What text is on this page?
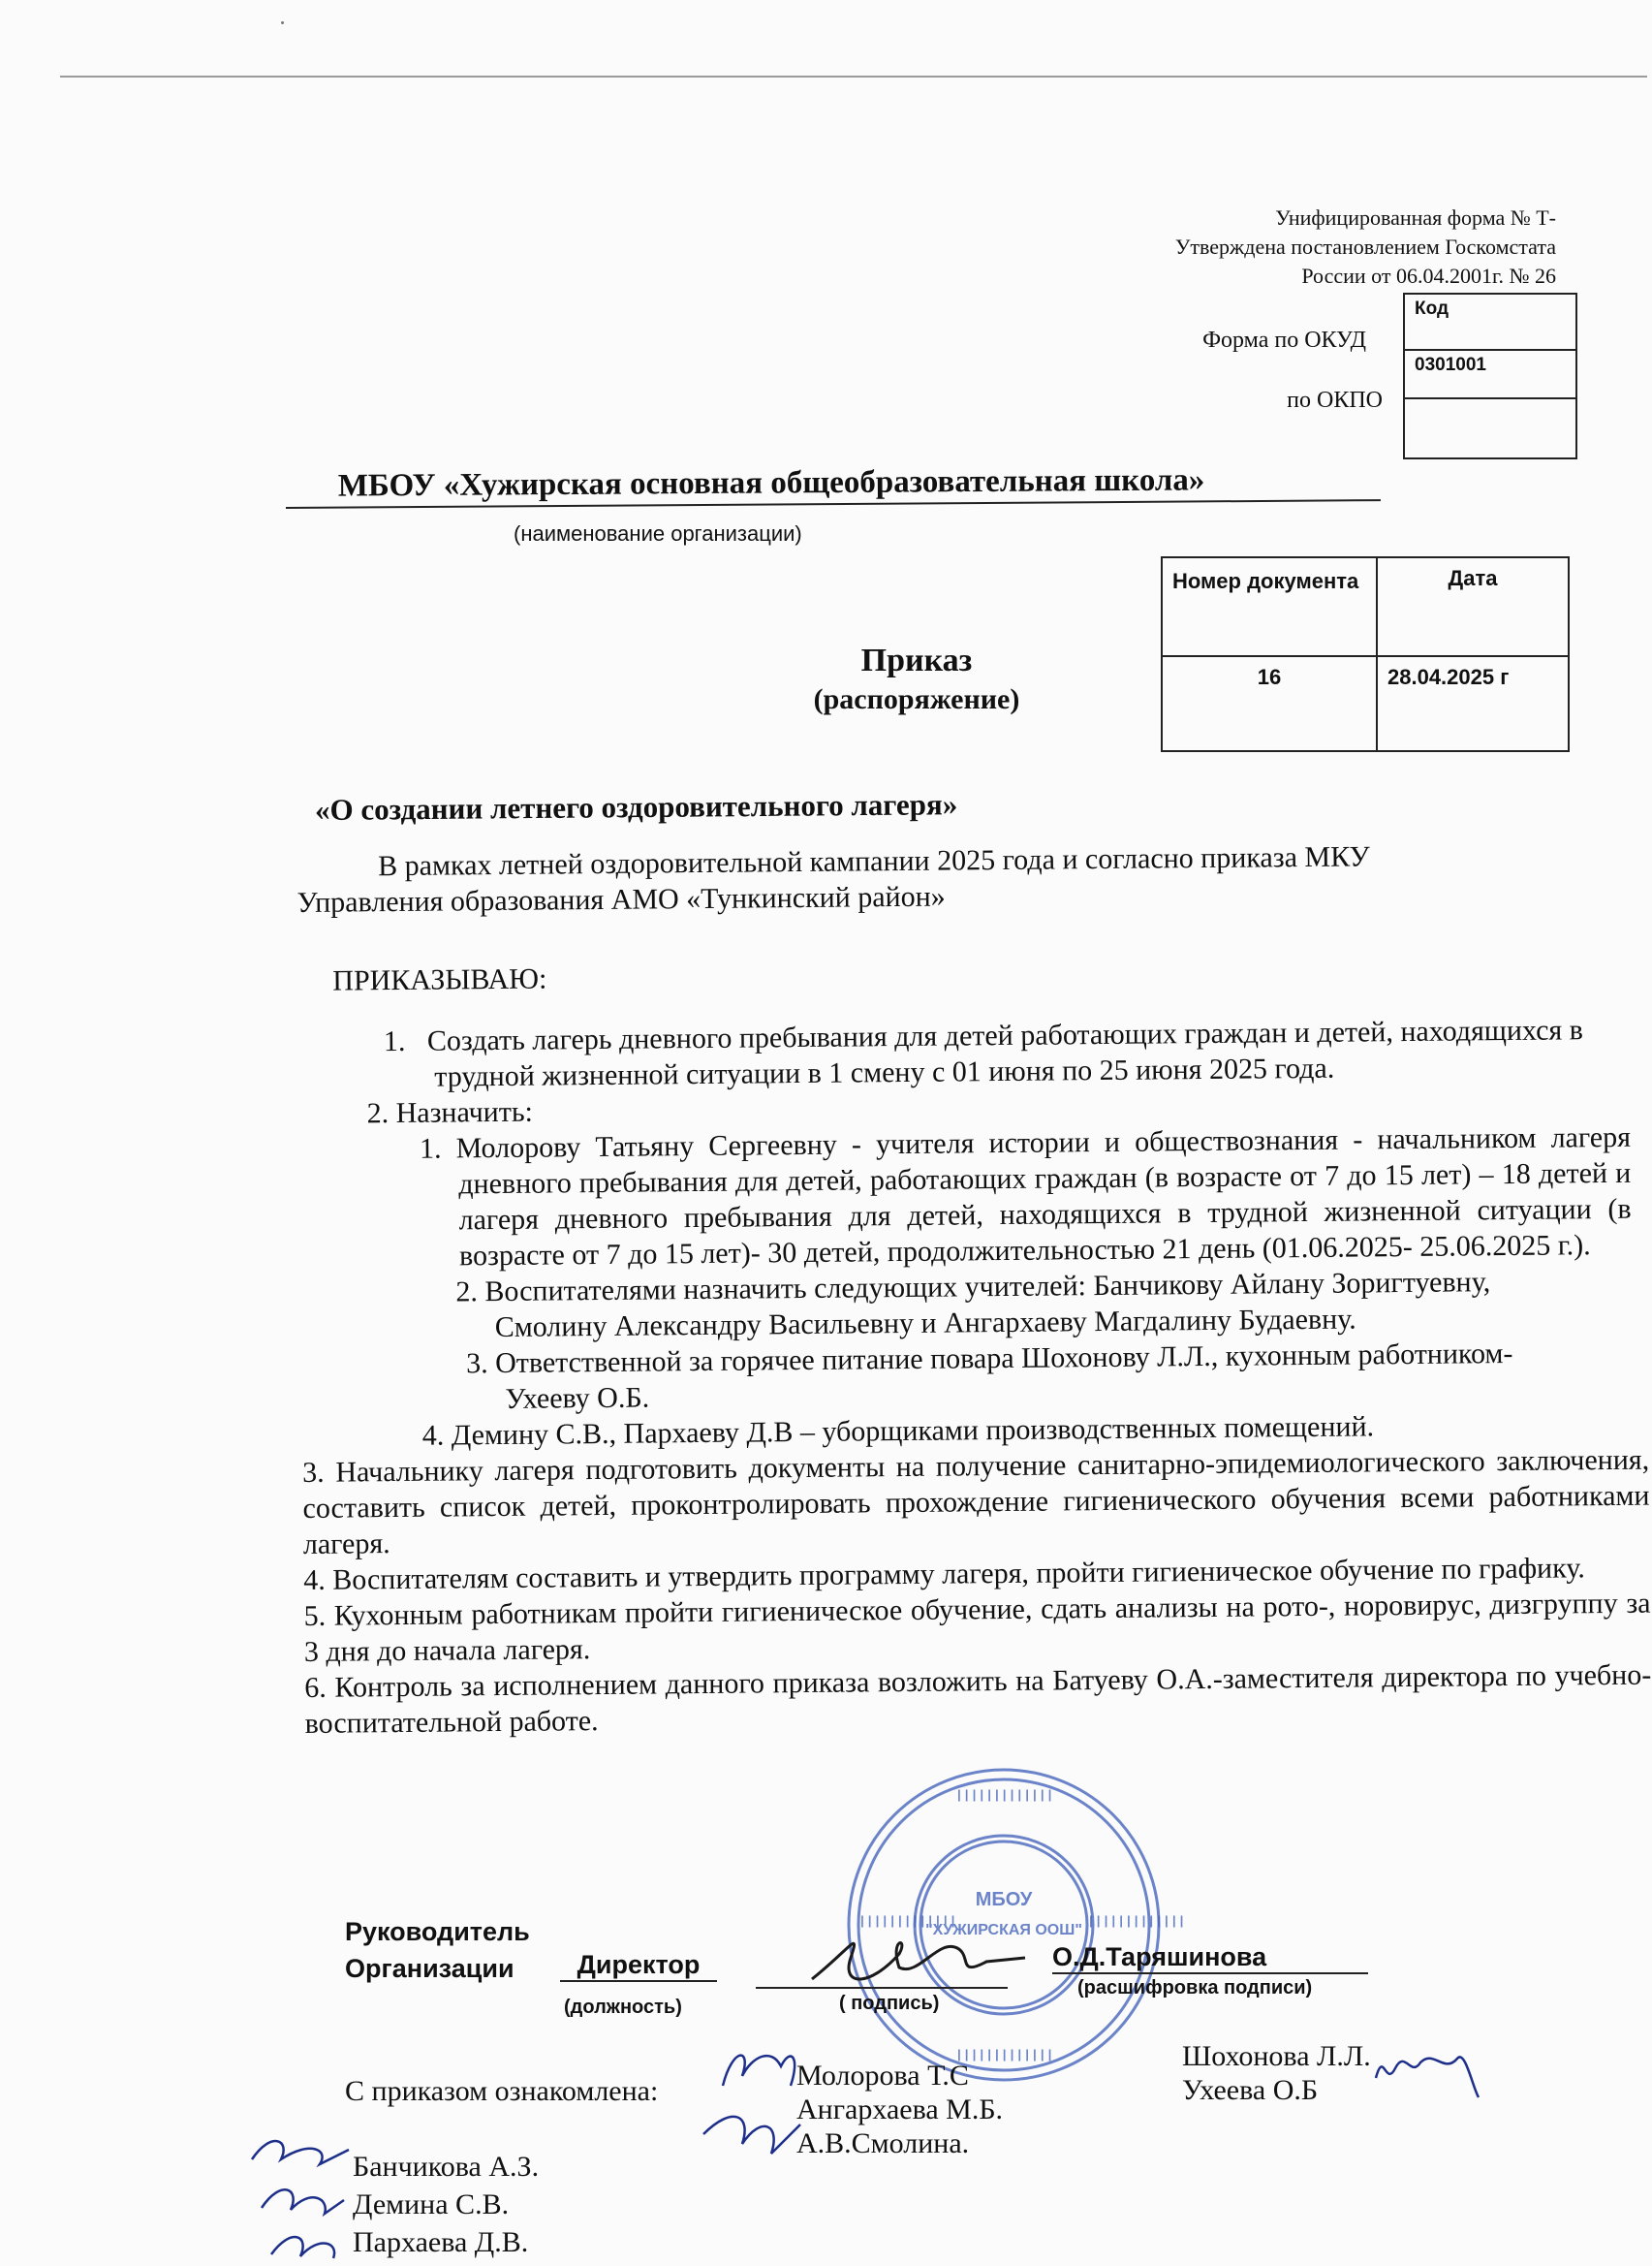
Унифицированная форма № Т-
Утверждена постановлением Госкомстата
России от 06.04.2001г. № 26
Форма по ОКУД
по ОКПО
Код
0301001

МБОУ «Хужирская основная общеобразовательная школа»
(наименование организации)
Номер документа	Дата
16	28.04.2025 г
Приказ
(распоряжение)
«О создании летнего оздоровительного лагеря»

В рамках летней оздоровительной кампании 2025 года и согласно приказа МКУ

Управления образования АМО «Тункинский район»

ПРИКАЗЫВАЮ:

1.   Создать лагерь дневного пребывания для детей работающих граждан и детей, находящихся в трудной жизненной ситуации в 1 смену с 01 июня по 25 июня 2025 года.

2. Назначить:

1. Молорову Татьяну Сергеевну - учителя истории и обществознания - начальником лагеря дневного пребывания для детей, работающих граждан (в возрасте от 7 до 15 лет) – 18 детей и лагеря дневного пребывания для детей, находящихся в трудной жизненной ситуации (в возрасте от 7 до 15 лет)- 30 детей, продолжительностью 21 день (01.06.2025- 25.06.2025 г.).

2. Воспитателями назначить следующих учителей: Банчикову Айлану Зоригтуевну, Смолину Александру Васильевну и Ангархаеву Магдалину Будаевну.

3. Ответственной за горячее питание повара Шохонову Л.Л., кухонным работником- Ухееву О.Б.

4. Демину С.В., Пархаеву Д.В – уборщиками производственных помещений.

3. Начальнику лагеря подготовить документы на получение санитарно-эпидемиологического заключения, составить список детей, проконтролировать прохождение гигиенического обучения всеми работниками лагеря.

4. Воспитателям составить и утвердить программу лагеря, пройти гигиеническое обучение по графику.

5. Кухонным работникам пройти гигиеническое обучение, сдать анализы на рото-, норовирус, дизгруппу за 3 дня до начала лагеря.

6. Контроль за исполнением данного приказа возложить на Батуеву О.А.-заместителя директора по учебно-воспитательной работе.

МБОУ
"ХУЖИРСКАЯ ООШ"
|||||||||||||	|||||||||||||
|||||||||||||
|||||||||||||
Руководитель
Организации	Директор	О.Д.Таряшинова
(должность)	( подпись)
(расшифровка подписи)
С приказом ознакомлена:	Молорова Т.С
Ангархаева М.Б.
А.В.Смолина.
Шохонова Л.Л.
Ухеева О.Б
Банчикова А.З.
Демина С.В.
Пархаева Д.В.
